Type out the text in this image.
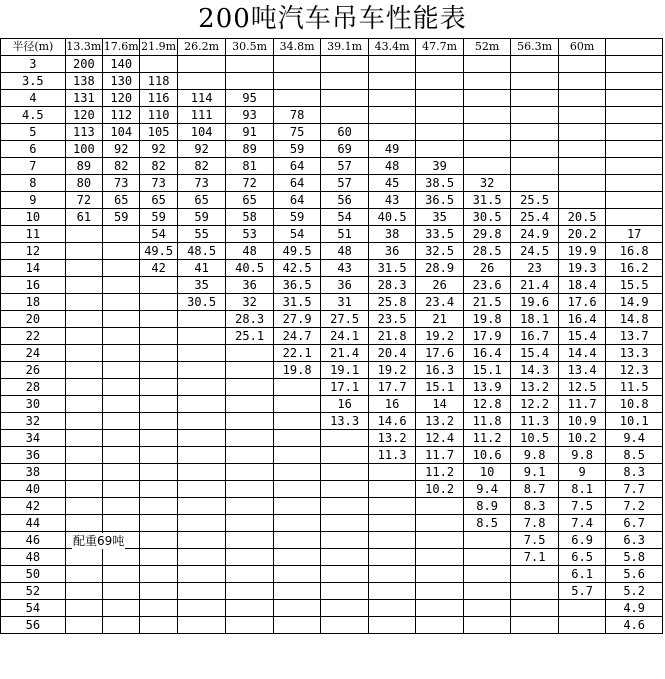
200吨汽车吊车性能表
半径(m)	13.3m	17.6m	21.9m	26.2m	30.5m	34.8m	39.1m	43.4m	47.7m	52m	56.3m	60m	
3	200	140											
3.5	138	130	118										
4	131	120	116	114	95								
4.5	120	112	110	111	93	78							
5	113	104	105	104	91	75	60						
6	100	92	92	92	89	59	69	49					
7	89	82	82	82	81	64	57	48	39				
8	80	73	73	73	72	64	57	45	38.5	32			
9	72	65	65	65	65	64	56	43	36.5	31.5	25.5		
10	61	59	59	59	58	59	54	40.5	35	30.5	25.4	20.5	
11			54	55	53	54	51	38	33.5	29.8	24.9	20.2	17
12			49.5	48.5	48	49.5	48	36	32.5	28.5	24.5	19.9	16.8
14			42	41	40.5	42.5	43	31.5	28.9	26	23	19.3	16.2
16				35	36	36.5	36	28.3	26	23.6	21.4	18.4	15.5
18				30.5	32	31.5	31	25.8	23.4	21.5	19.6	17.6	14.9
20					28.3	27.9	27.5	23.5	21	19.8	18.1	16.4	14.8
22					25.1	24.7	24.1	21.8	19.2	17.9	16.7	15.4	13.7
24						22.1	21.4	20.4	17.6	16.4	15.4	14.4	13.3
26						19.8	19.1	19.2	16.3	15.1	14.3	13.4	12.3
28							17.1	17.7	15.1	13.9	13.2	12.5	11.5
30							16	16	14	12.8	12.2	11.7	10.8
32							13.3	14.6	13.2	11.8	11.3	10.9	10.1
34								13.2	12.4	11.2	10.5	10.2	9.4
36								11.3	11.7	10.6	9.8	9.8	8.5
38									11.2	10	9.1	9	8.3
40									10.2	9.4	8.7	8.1	7.7
42										8.9	8.3	7.5	7.2
44										8.5	7.8	7.4	6.7
46											7.5	6.9	6.3
48											7.1	6.5	5.8
50												6.1	5.6
52												5.7	5.2
54													4.9
56													4.6
配重69吨
